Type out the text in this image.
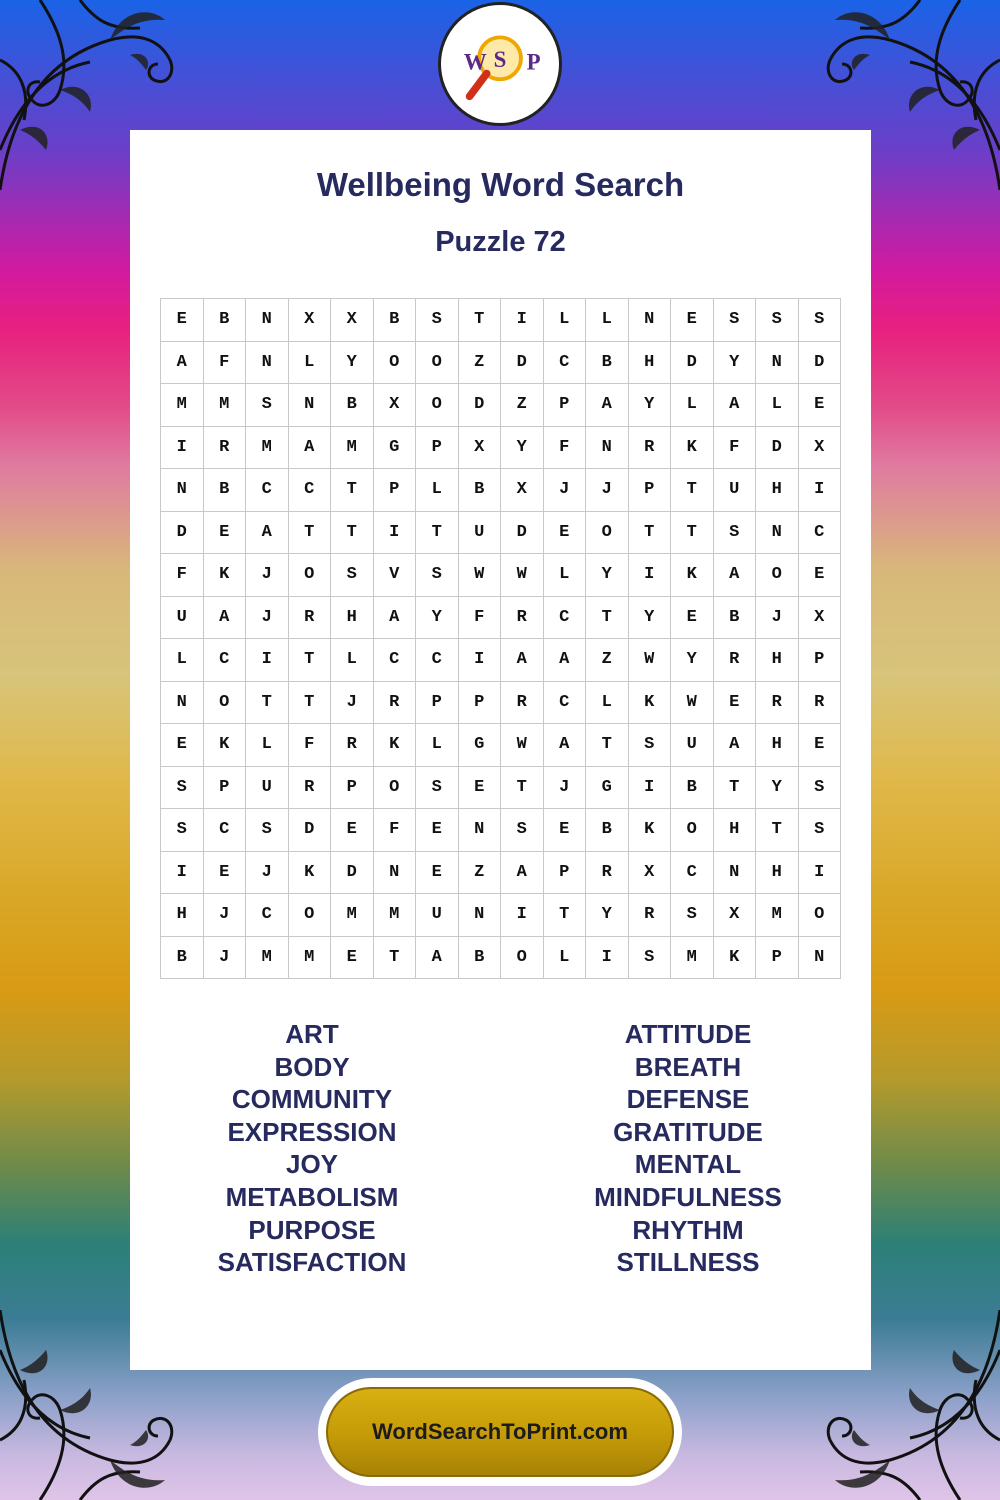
W S P
Wellbeing Word Search
Puzzle 72
E	B	N	X	X	B	S	T	I	L	L	N	E	S	S	S
A	F	N	L	Y	O	O	Z	D	C	B	H	D	Y	N	D
M	M	S	N	B	X	O	D	Z	P	A	Y	L	A	L	E
I	R	M	A	M	G	P	X	Y	F	N	R	K	F	D	X
N	B	C	C	T	P	L	B	X	J	J	P	T	U	H	I
D	E	A	T	T	I	T	U	D	E	O	T	T	S	N	C
F	K	J	O	S	V	S	W	W	L	Y	I	K	A	O	E
U	A	J	R	H	A	Y	F	R	C	T	Y	E	B	J	X
L	C	I	T	L	C	C	I	A	A	Z	W	Y	R	H	P
N	O	T	T	J	R	P	P	R	C	L	K	W	E	R	R
E	K	L	F	R	K	L	G	W	A	T	S	U	A	H	E
S	P	U	R	P	O	S	E	T	J	G	I	B	T	Y	S
S	C	S	D	E	F	E	N	S	E	B	K	O	H	T	S
I	E	J	K	D	N	E	Z	A	P	R	X	C	N	H	I
H	J	C	O	M	M	U	N	I	T	Y	R	S	X	M	O
B	J	M	M	E	T	A	B	O	L	I	S	M	K	P	N
ART
BODY
COMMUNITY
EXPRESSION
JOY
METABOLISM
PURPOSE
SATISFACTION
ATTITUDE
BREATH
DEFENSE
GRATITUDE
MENTAL
MINDFULNESS
RHYTHM
STILLNESS
WordSearchToPrint.com
